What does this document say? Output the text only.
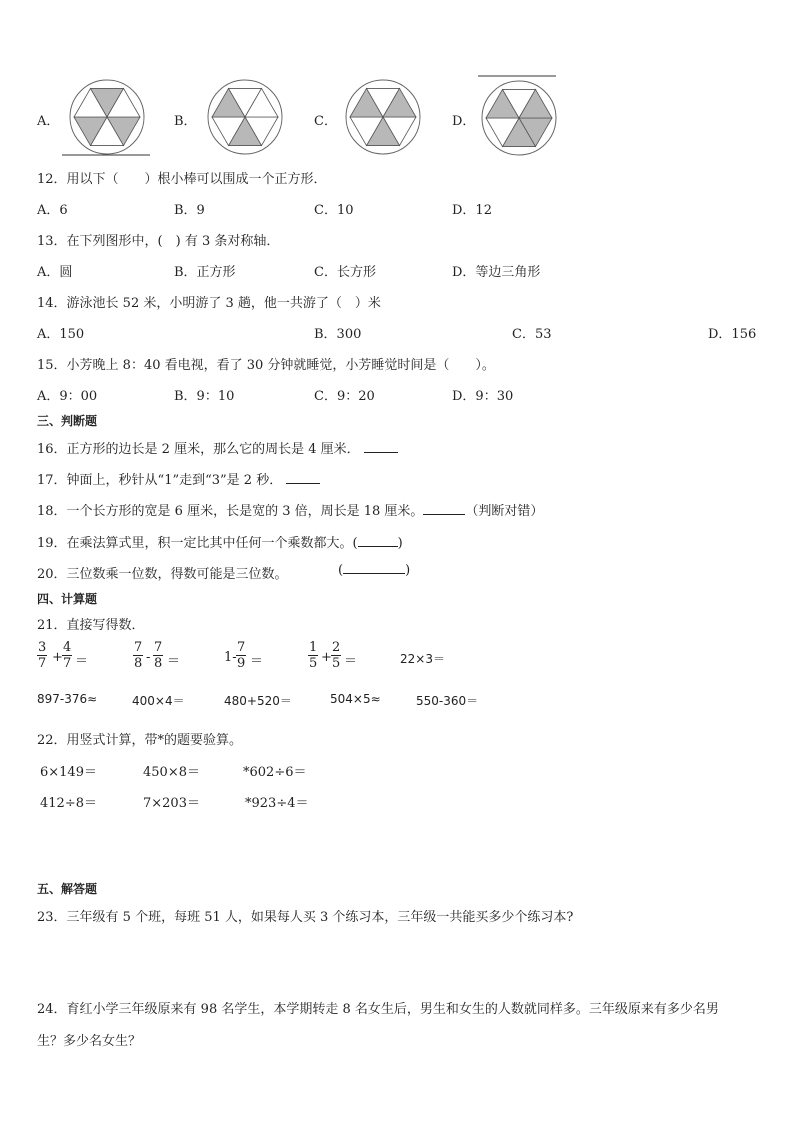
A．	B．	C．	D．
12．用以下（　　）根小棒可以围成一个正方形．
A．6	B．9	C．10	D．12
13．在下列图形中，(　) 有 3 条对称轴．
A．圆	B．正方形	C．长方形	D．等边三角形
14．游泳池长 52 米，小明游了 3 趟，他一共游了（　）米
A．150	B．300	C．53	D．156
15．小芳晚上 8：40 看电视，看了 30 分钟就睡觉，小芳睡觉时间是（　　）。
A．9：00	B．9：10	C．9：20	D．9：30
三、判断题
16．正方形的边长是 2 厘米，那么它的周长是 4 厘米．
17．钟面上，秒针从“1”走到“3”是 2 秒．
18．一个长方形的宽是 6 厘米，长是宽的 3 倍，周长是 18 厘米。	（判断对错）
19．在乘法算式里，积一定比其中任何一个乘数都大。(	)
20．三位数乘一位数，得数可能是三位数。	(	)
四、计算题
21．直接写得数．
$\frac{3}{7} + \frac{4}{7}$ ＝	$\frac{7}{8} - \frac{7}{8}$ ＝	$1- \frac{7}{9}$ ＝	$\frac{1}{5} + \frac{2}{5}$ ＝	22×3＝
897-376≈	400×4＝	480+520＝	504×5≈	550-360＝
22．用竖式计算，带*的题要验算。
6×149＝	450×8＝	*602÷6＝
412÷8＝	7×203＝	*923÷4＝
五、解答题
23．三年级有 5 个班，每班 51 人，如果每人买 3 个练习本，三年级一共能买多少个练习本?
24．育红小学三年级原来有 98 名学生，本学期转走 8 名女生后，男生和女生的人数就同样多。三年级原来有多少名男
生？多少名女生？
